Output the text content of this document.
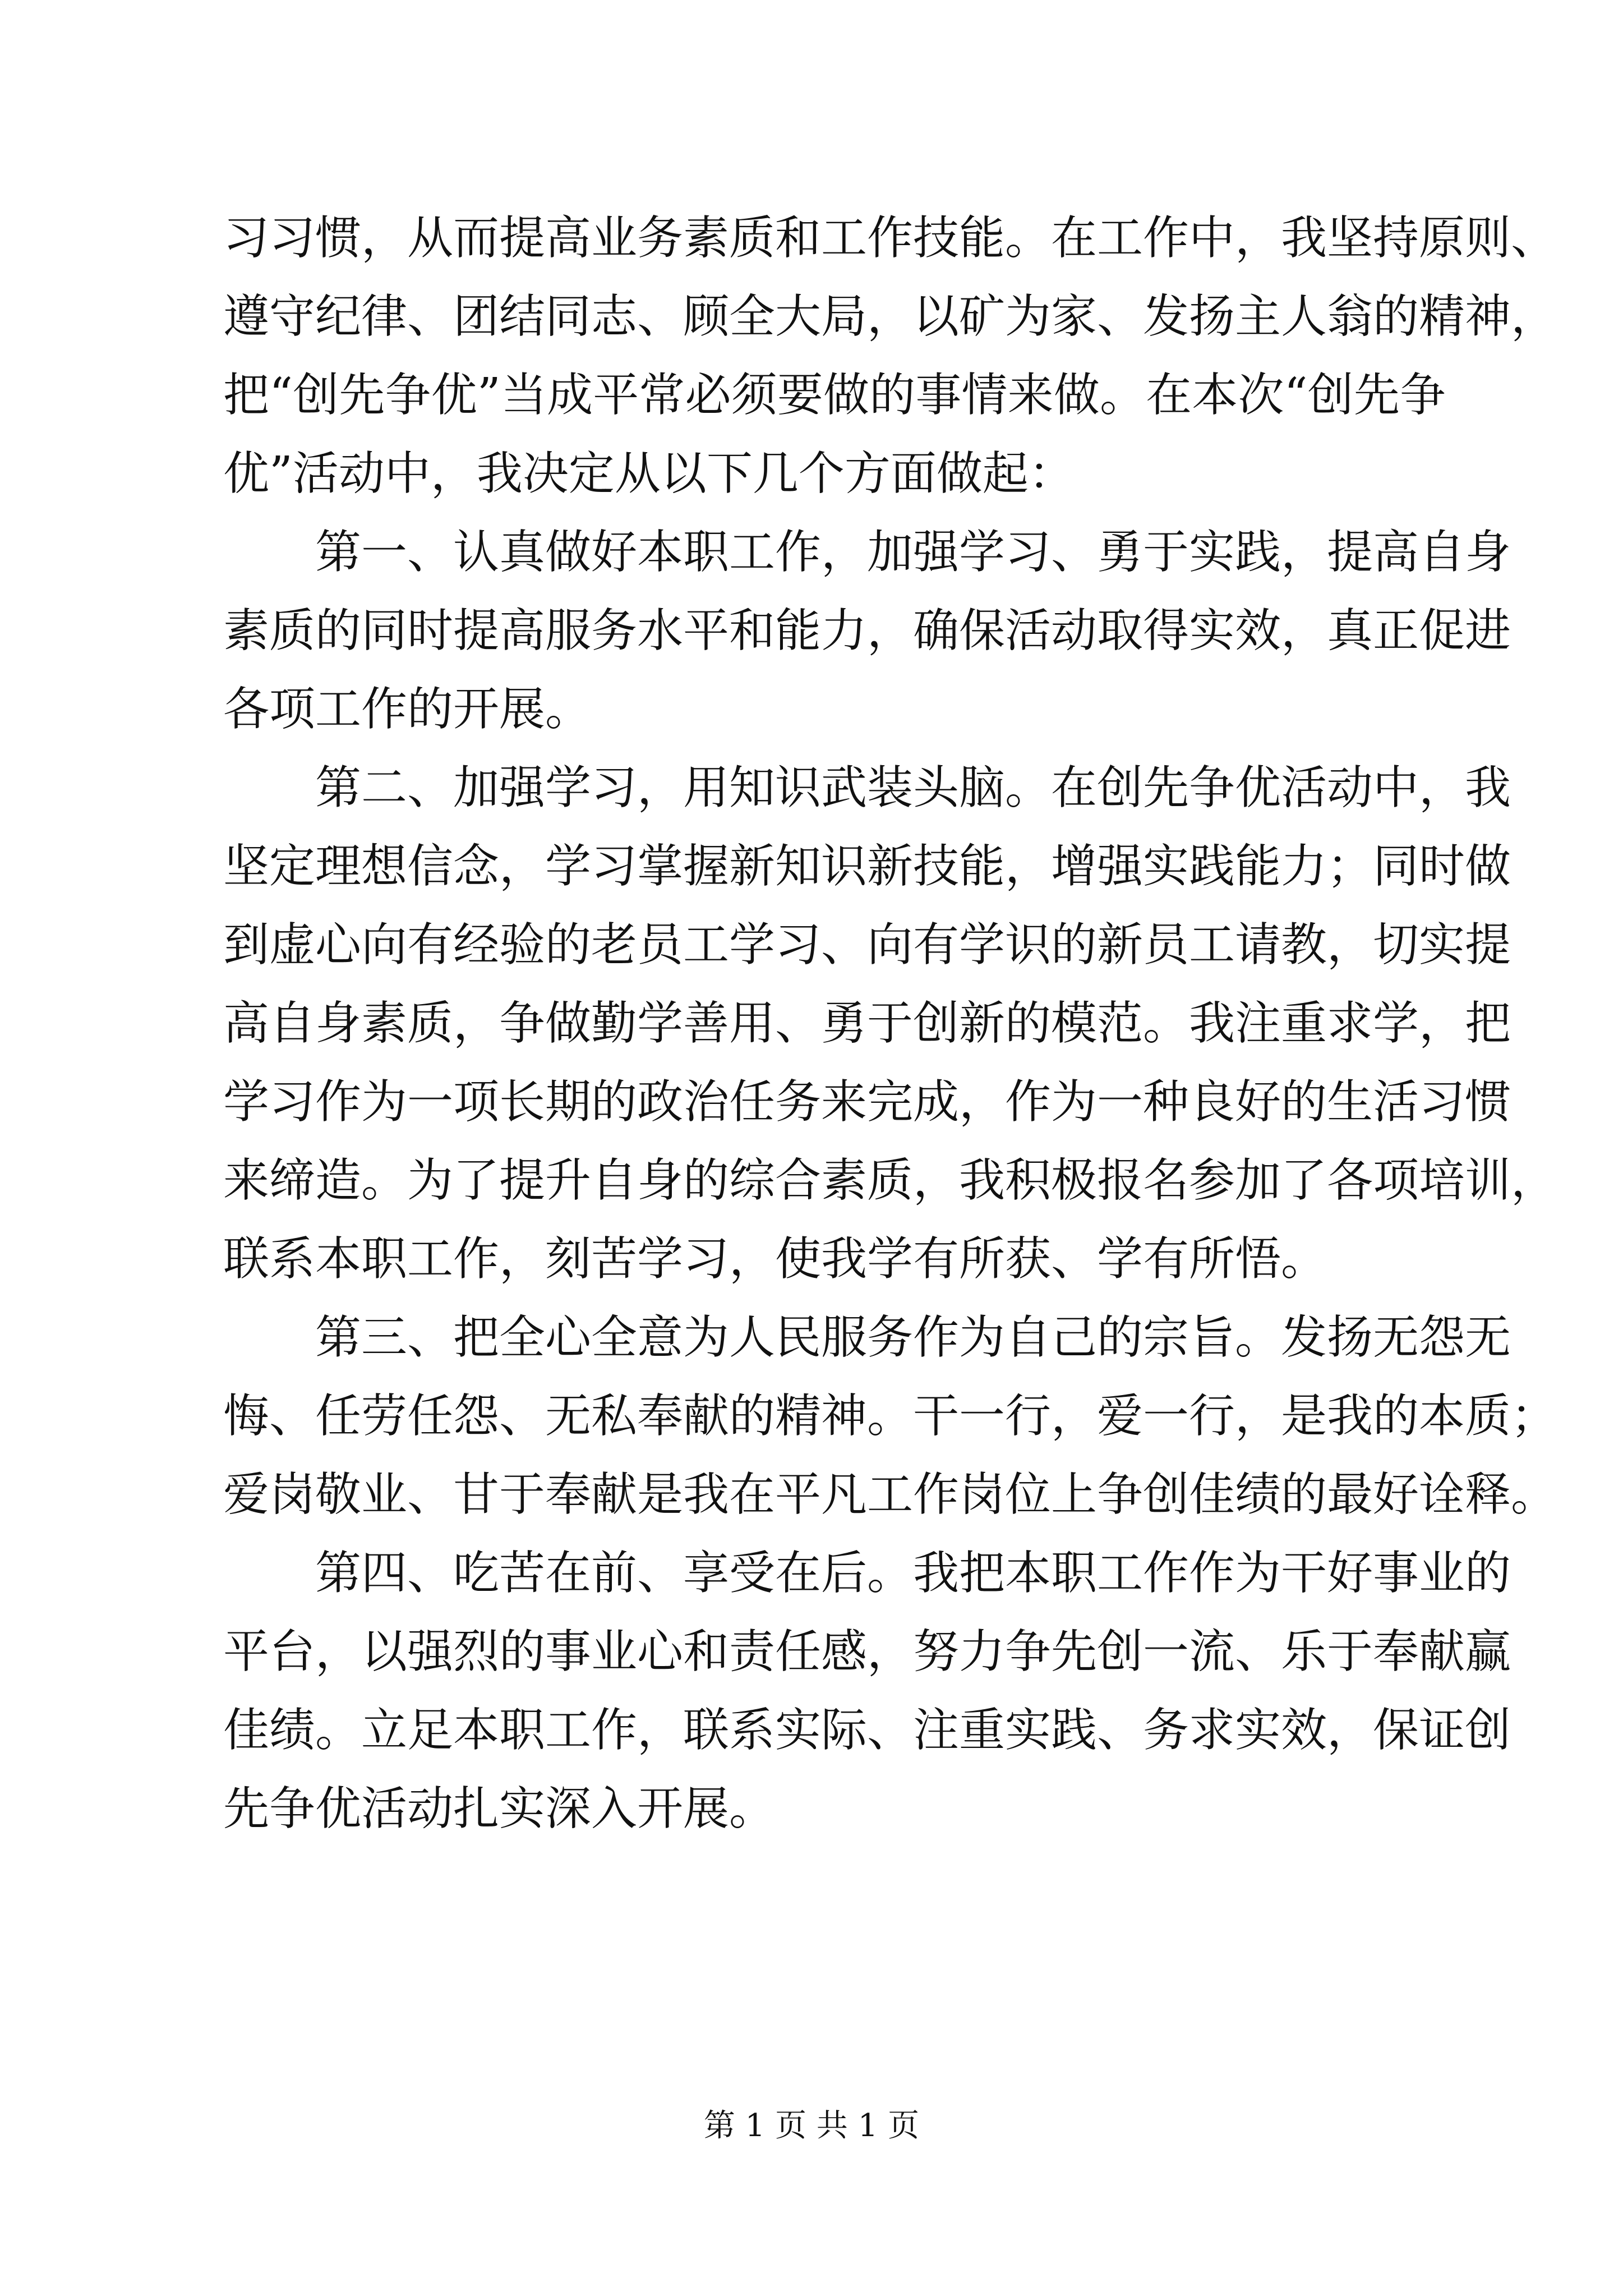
习习惯，从而提高业务素质和工作技能。在工作中，我坚持原则、
遵守纪律、团结同志、顾全大局，以矿为家、发扬主人翁的精神，
把“创先争优”当成平常必须要做的事情来做。在本次“创先争
优”活动中，我决定从以下几个方面做起：
第一、认真做好本职工作，加强学习、勇于实践，提高自身
素质的同时提高服务水平和能力，确保活动取得实效，真正促进
各项工作的开展。
第二、加强学习，用知识武装头脑。在创先争优活动中，我
坚定理想信念，学习掌握新知识新技能，增强实践能力；同时做
到虚心向有经验的老员工学习、向有学识的新员工请教，切实提
高自身素质，争做勤学善用、勇于创新的模范。我注重求学，把
学习作为一项长期的政治任务来完成，作为一种良好的生活习惯
来缔造。为了提升自身的综合素质，我积极报名参加了各项培训，
联系本职工作，刻苦学习，使我学有所获、学有所悟。
第三、把全心全意为人民服务作为自己的宗旨。发扬无怨无
悔、任劳任怨、无私奉献的精神。干一行，爱一行，是我的本质；
爱岗敬业、甘于奉献是我在平凡工作岗位上争创佳绩的最好诠释。
第四、吃苦在前、享受在后。我把本职工作作为干好事业的
平台，以强烈的事业心和责任感，努力争先创一流、乐于奉献赢
佳绩。立足本职工作，联系实际、注重实践、务求实效，保证创
先争优活动扎实深入开展。
第 1 页 共 1 页
